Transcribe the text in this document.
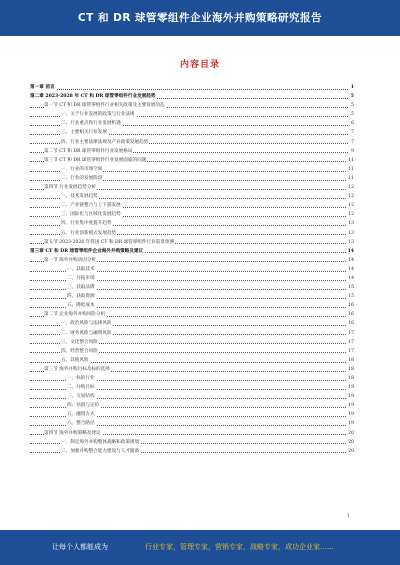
CT 和 DR 球管零组件企业海外并购策略研究报告
内容目录
第一章 前言	1
第二章 2023-2028 年 CT 和 DR 球管零组件行业发展趋势	5
第一节 CT 和 DR 球管零组件行业相关政策及主要发展动态	5
一、关于行业发展的政策与行业法规	5
二、行业重点和行业发展机遇	6
三、主要相关行业发展	7
四、行业主要法律法规及产业政策发展趋势	7
第二节 CT 和 DR 球管零组件行业发展格局	9
第三节 CT 和 DR 球管零组件行业发展面临的问题	11
一、行业的市场空间	11
二、行业的发展阶段	11
第四节 行业发展趋势分析	12
一、技术发展趋势	12
二、产业链整合与上下游发展	12
三、国际化与区域化发展趋势	12
四、行业集中度提升趋势	13
五、行业创新模式发展趋势	13
第五节 2023-2028 年我国 CT 和 DR 球管零组件行业前景预测	13
第三章 CT 和 DR 球管零组件企业海外并购策略及建议	14
第一节 海外并购动因分析	14
一、获取技术	14
二、开拓市场	14
三、获取品牌	15
四、获取资源	15
五、降低成本	16
第二节 企业海外并购风险分析	16
一、政治风险与法律风险	16
二、财务风险与融资风险	17
三、文化整合风险	17
四、经营整合风险	17
五、其他风险	18
第三节 海外并购目标及标的选择	18
一、标的行业	18
二、并购目标	19
三、交易结构	19
四、估值与定价	19
五、融资方式	19
六、整合路径	19
第四节 海外并购策略及建议	20
一、制定海外并购整体战略和政策规划	20
二、加强并购整合能力建设与人才储备	20
1
让每个人都能成为	行业专家，管理专家，营销专家，战略专家，成功企业家……
